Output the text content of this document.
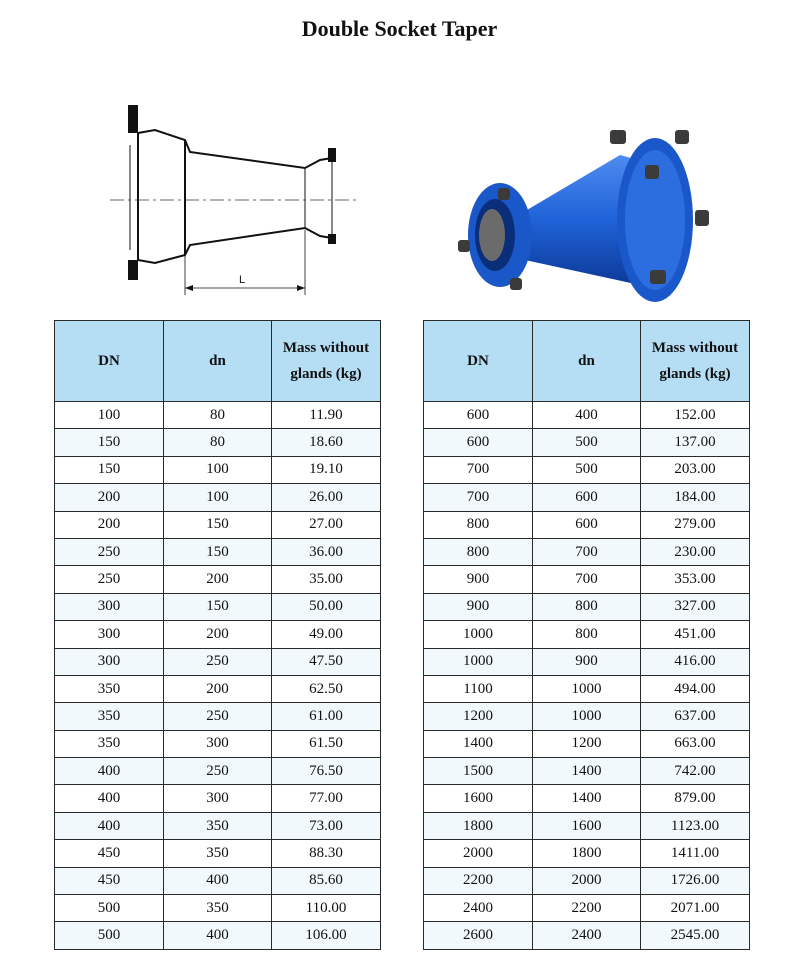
Double Socket Taper
L
DN	dn	Mass without glands (kg)
100	80	11.90
150	80	18.60
150	100	19.10
200	100	26.00
200	150	27.00
250	150	36.00
250	200	35.00
300	150	50.00
300	200	49.00
300	250	47.50
350	200	62.50
350	250	61.00
350	300	61.50
400	250	76.50
400	300	77.00
400	350	73.00
450	350	88.30
450	400	85.60
500	350	110.00
500	400	106.00
DN	dn	Mass without glands (kg)
600	400	152.00
600	500	137.00
700	500	203.00
700	600	184.00
800	600	279.00
800	700	230.00
900	700	353.00
900	800	327.00
1000	800	451.00
1000	900	416.00
1100	1000	494.00
1200	1000	637.00
1400	1200	663.00
1500	1400	742.00
1600	1400	879.00
1800	1600	1123.00
2000	1800	1411.00
2200	2000	1726.00
2400	2200	2071.00
2600	2400	2545.00
